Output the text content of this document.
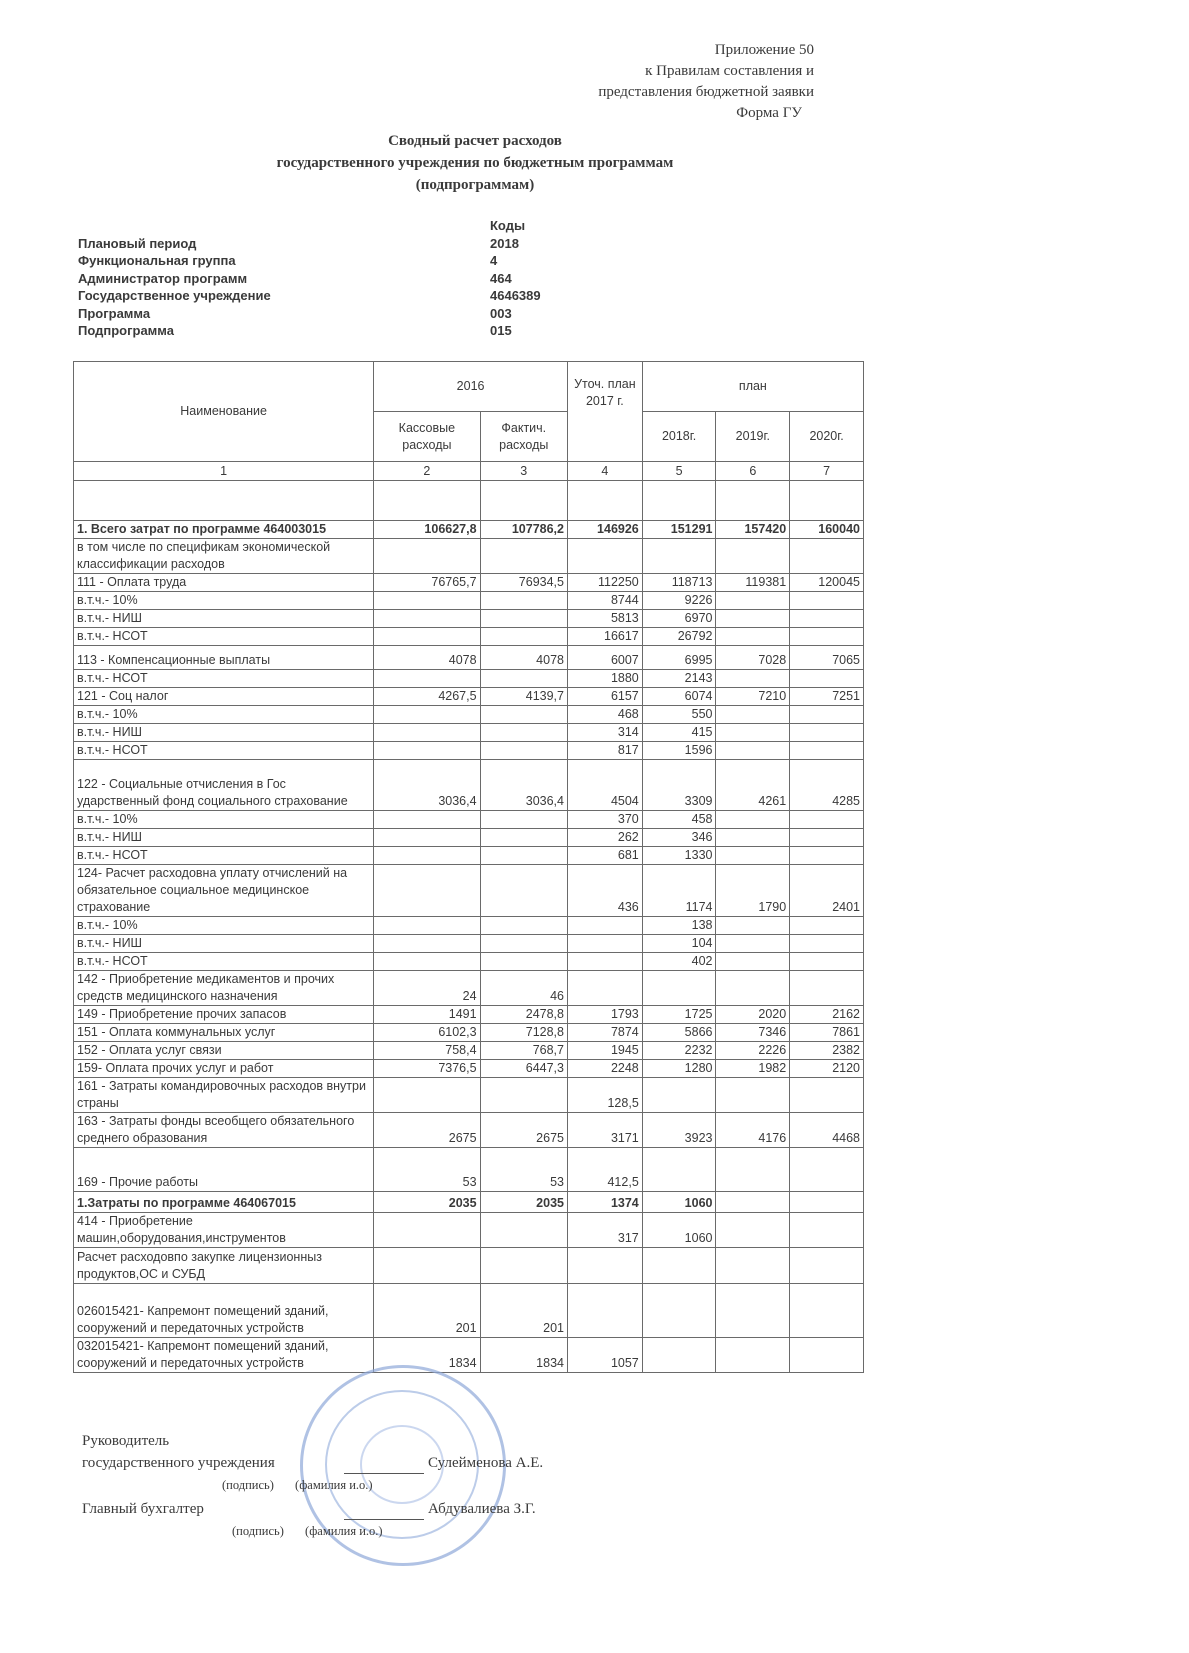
Приложение 50
к Правилам составления и
представления бюджетной заявки
Форма ГУ
Сводный расчет расходов
государственного учреждения по бюджетным программам
(подпрограммам)
Коды
Плановый период	2018
Функциональная группа	4
Администратор программ	464
Государственное учреждение	4646389
Программа	003
Подпрограмма	015
Наименование	2016		Уточ. план 2017 г.	план		
	Кассовые расходы	Фактич. расходы		2018г.	2019г.	2020г.
1	2	3	4	5	6	7

1. Всего затрат по программе 464003015	106627,8	107786,2	146926	151291	157420	160040
в том числе по спецификам экономической классификации расходов						
111 - Оплата труда	76765,7	76934,5	112250	118713	119381	120045
в.т.ч.- 10%			8744	9226		
в.т.ч.- НИШ			5813	6970		
в.т.ч.- НСОТ			16617	26792		
113 - Компенсационные выплаты	4078	4078	6007	6995	7028	7065
в.т.ч.- НСОТ			1880	2143		
121 - Соц налог	4267,5	4139,7	6157	6074	7210	7251
в.т.ч.- 10%			468	550		
в.т.ч.- НИШ			314	415		
в.т.ч.- НСОТ			817	1596		
122 - Социальные отчисления в Гос ударственный фонд социального страхование	3036,4	3036,4	4504	3309	4261	4285
в.т.ч.- 10%			370	458		
в.т.ч.- НИШ			262	346		
в.т.ч.- НСОТ			681	1330		
124- Расчет расходовна уплату отчислений на обязательное социальное медицинское страхование			436	1174	1790	2401
в.т.ч.- 10%				138		
в.т.ч.- НИШ				104		
в.т.ч.- НСОТ				402		
142 - Приобретение медикаментов и прочих средств медицинского назначения	24	46				
149 - Приобретение прочих запасов	1491	2478,8	1793	1725	2020	2162
151 - Оплата коммунальных услуг	6102,3	7128,8	7874	5866	7346	7861
152 - Оплата услуг связи	758,4	768,7	1945	2232	2226	2382
159- Оплата прочих услуг и работ	7376,5	6447,3	2248	1280	1982	2120
161 - Затраты командировочных расходов внутри страны			128,5			
163 - Затраты фонды всеобщего обязательного среднего образования	2675	2675	3171	3923	4176	4468
169 - Прочие работы	53	53	412,5			
1.Затраты по программе 464067015	2035	2035	1374	1060		
414 - Приобретение машин,оборудования,инструментов			317	1060		
Расчет расходовпо закупке лицензионныз продуктов,ОС и СУБД						
026015421- Капремонт помещений зданий, сооружений и передаточных устройств	201	201				
032015421- Капремонт помещений зданий, сооружений и передаточных устройств	1834	1834	1057			
Руководитель
государственного учреждения	Сулейменова А.Е.
(подпись) (фамилия и.о.)
Главный бухгалтер	Абдувалиева З.Г.
(подпись) (фамилия и.о.)
